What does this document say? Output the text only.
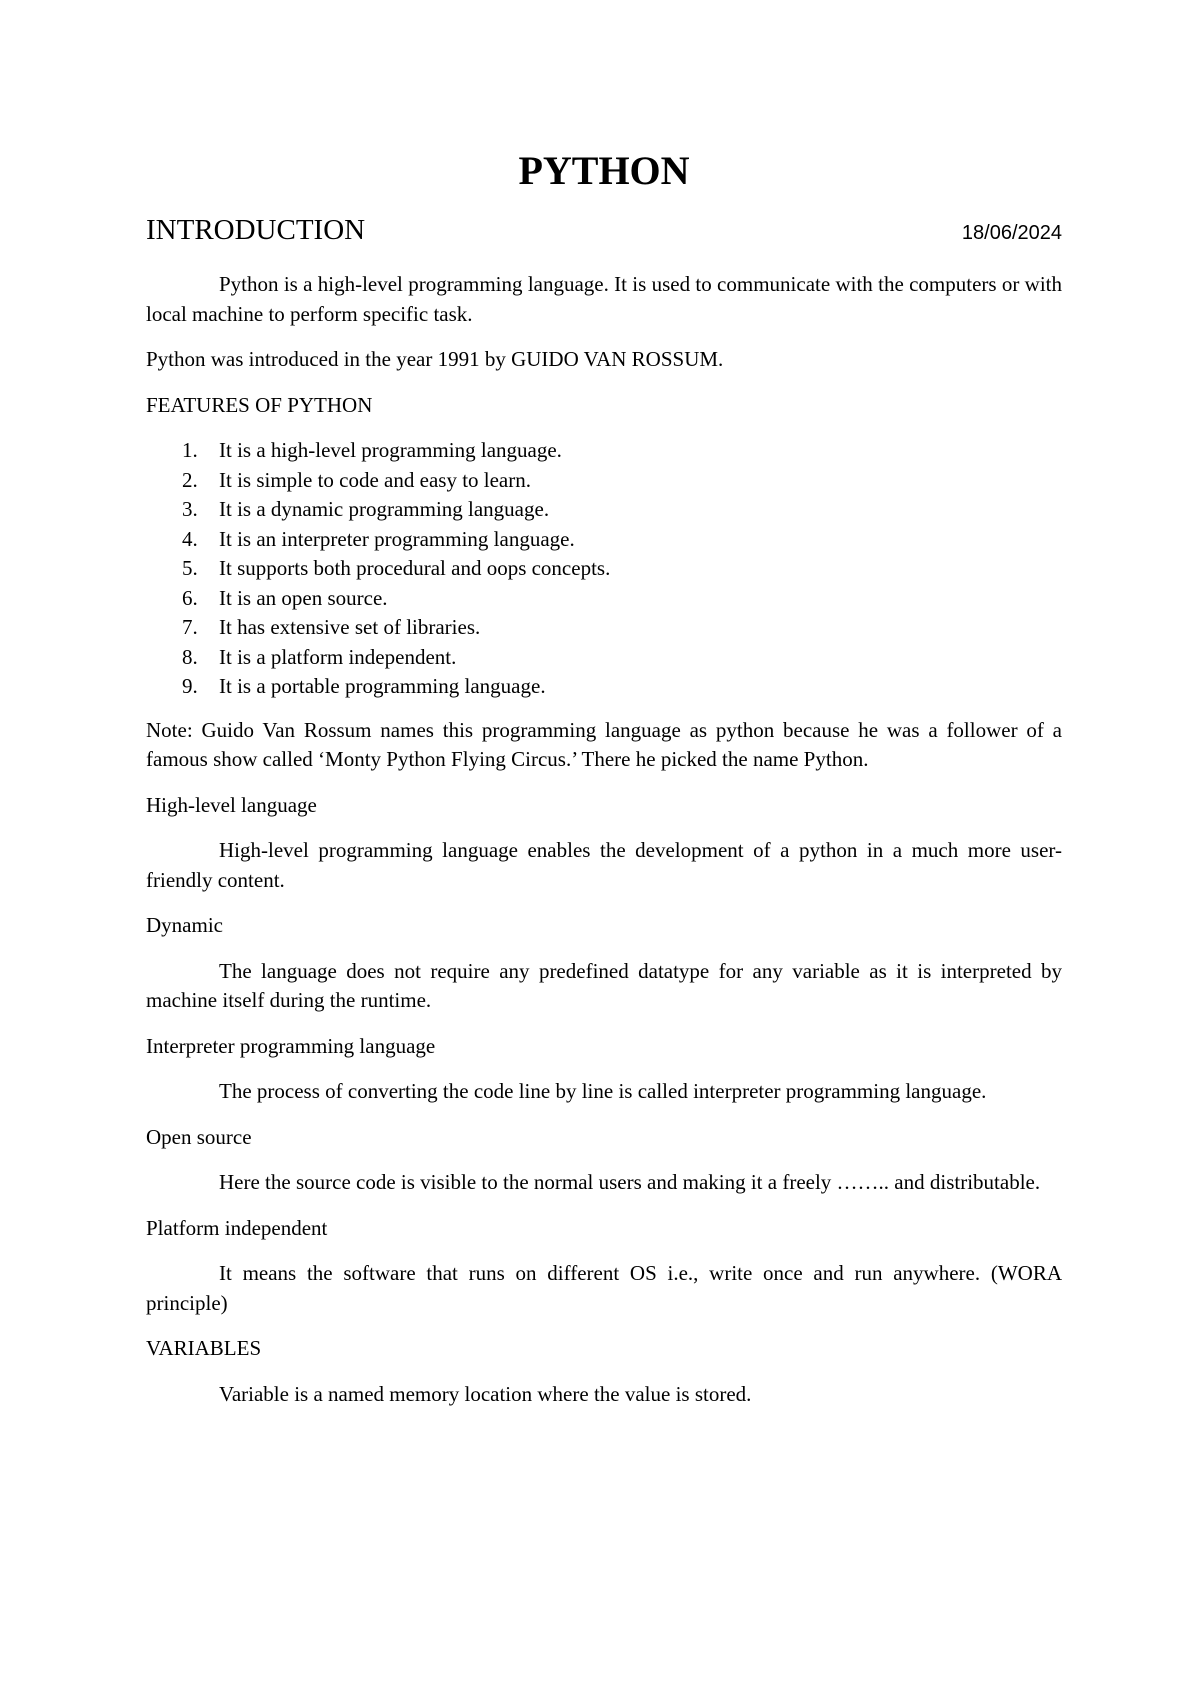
PYTHON
INTRODUCTION	18/06/2024

Python is a high-level programming language. It is used to communicate with the computers or with local machine to perform specific task.

Python was introduced in the year 1991 by GUIDO VAN ROSSUM.

FEATURES OF PYTHON

1. It is a high-level programming language.
2. It is simple to code and easy to learn.
3. It is a dynamic programming language.
4. It is an interpreter programming language.
5. It supports both procedural and oops concepts.
6. It is an open source.
7. It has extensive set of libraries.
8. It is a platform independent.
9. It is a portable programming language.

Note: Guido Van Rossum names this programming language as python because he was a follower of a famous show called ‘Monty Python Flying Circus.’ There he picked the name Python.

High-level language

High-level programming language enables the development of a python in a much more user-friendly content.

Dynamic

The language does not require any predefined datatype for any variable as it is interpreted by machine itself during the runtime.

Interpreter programming language

The process of converting the code line by line is called interpreter programming language.

Open source

Here the source code is visible to the normal users and making it a freely …….. and distributable.

Platform independent

It means the software that runs on different OS i.e., write once and run anywhere. (WORA principle)

VARIABLES

Variable is a named memory location where the value is stored.
